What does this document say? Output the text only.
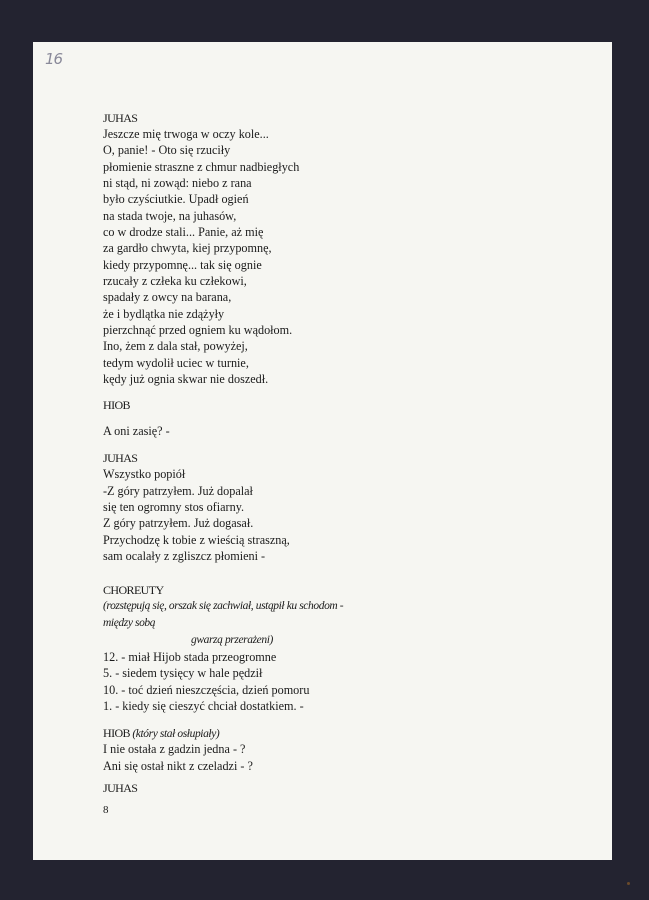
16
JUHAS
Jeszcze mię trwoga w oczy kole...
O, panie! - Oto się rzuciły
płomienie straszne z chmur nadbiegłych
ni stąd, ni zowąd: niebo z rana
było czyściutkie. Upadł ogień
na stada twoje, na juhasów,
co w drodze stali... Panie, aż mię
za gardło chwyta, kiej przypomnę,
kiedy przypomnę... tak się ognie
rzucały z człeka ku człekowi,
spadały z owcy na barana,
że i bydlątka nie zdążyły
pierzchnąć przed ogniem ku wądołom.
Ino, żem z dala stał, powyżej,
tedym wydolił uciec w turnie,
kędy już ognia skwar nie doszedł.
HIOB
A oni zasię? -
JUHAS
Wszystko popiół
-Z góry patrzyłem. Już dopalał
się ten ogromny stos ofiarny.
Z góry patrzyłem. Już dogasał.
Przychodzę k tobie z wieścią straszną,
sam ocalały z zgliszcz płomieni -
CHOREUTY
(rozstępują się, orszak się zachwiał, ustąpił ku schodom -
między sobą
gwarzą przerażeni)
12. - miał Hijob stada przeogromne
5. - siedem tysięcy w hale pędził
10. - toć dzień nieszczęścia, dzień pomoru
1. - kiedy się cieszyć chciał dostatkiem. -
HIOB (który stał osłupiały)
I nie ostała z gadzin jedna - ?
Ani się ostał nikt z czeladzi - ?
JUHAS
8
